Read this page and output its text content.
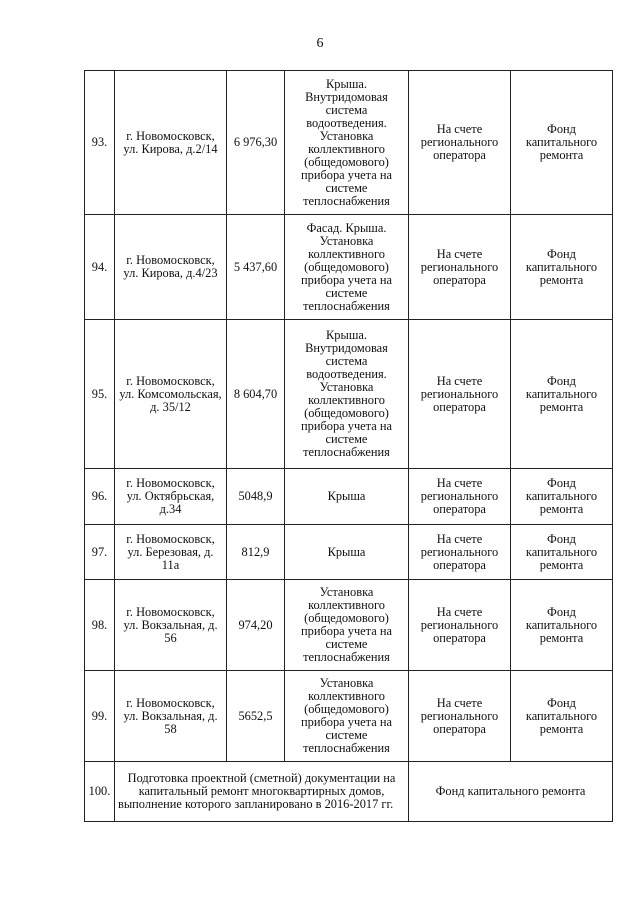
6
93.	г. Новомосковск, ул. Кирова, д.2/14	6 976,30	Крыша. Внутридомовая система водоотведения. Установка коллективного (общедомового) прибора учета на системе теплоснабжения	На счете регионального оператора	Фонд капитального ремонта
94.	г. Новомосковск, ул. Кирова, д.4/23	5 437,60	Фасад. Крыша. Установка коллективного (общедомового) прибора учета на системе теплоснабжения	На счете регионального оператора	Фонд капитального ремонта
95.	г. Новомосковск, ул. Комсомольская, д. 35/12	8 604,70	Крыша. Внутридомовая система водоотведения. Установка коллективного (общедомового) прибора учета на системе теплоснабжения	На счете регионального оператора	Фонд капитального ремонта
96.	г. Новомосковск, ул. Октябрьская, д.34	5048,9	Крыша	На счете регионального оператора	Фонд капитального ремонта
97.	г. Новомосковск, ул. Березовая, д. 11а	812,9	Крыша	На счете регионального оператора	Фонд капитального ремонта
98.	г. Новомосковск, ул. Вокзальная, д. 56	974,20	Установка коллективного (общедомового) прибора учета на системе теплоснабжения	На счете регионального оператора	Фонд капитального ремонта
99.	г. Новомосковск, ул. Вокзальная, д. 58	5652,5	Установка коллективного (общедомового) прибора учета на системе теплоснабжения	На счете регионального оператора	Фонд капитального ремонта
100.	Подготовка проектной (сметной) документации на капитальный ремонт многоквартирных домов, выполнение которого запланировано в 2016-2017 гг.			Фонд капитального ремонта	
